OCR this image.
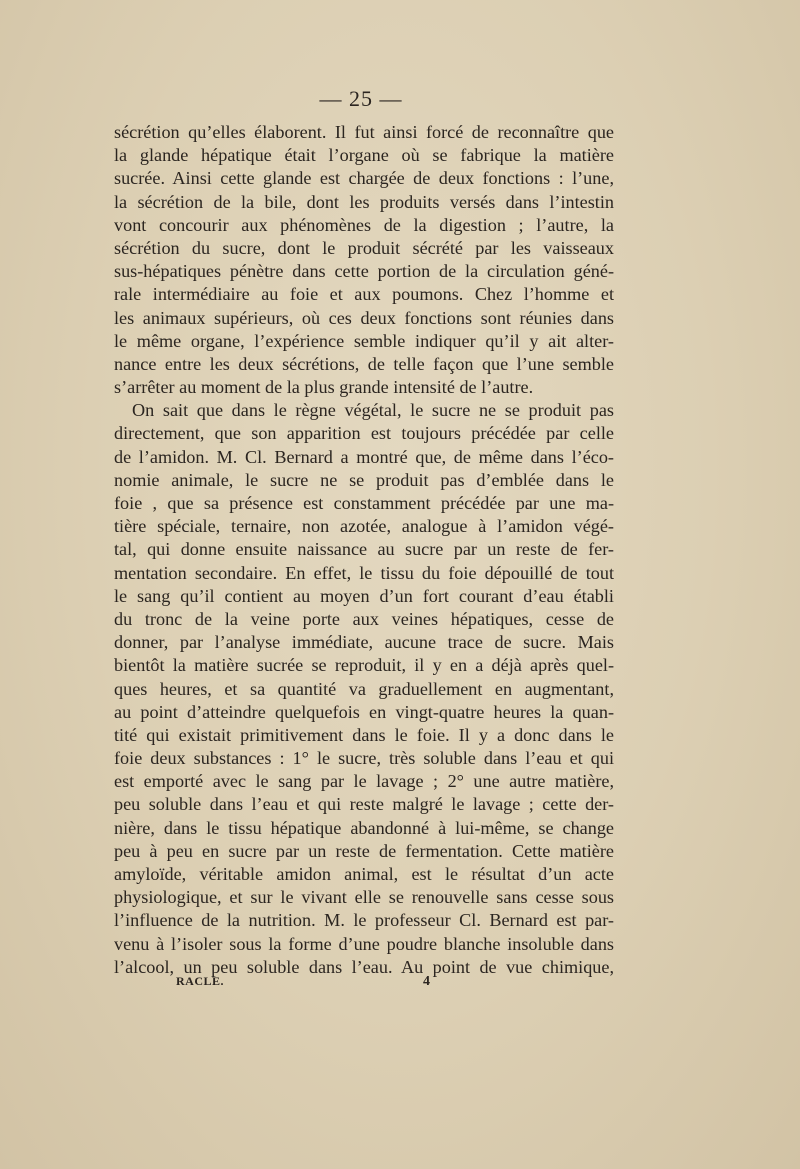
— 25 —
sécrétion qu’elles élaborent. Il fut ainsi forcé de reconnaître que
la glande hépatique était l’organe où se fabrique la matière
sucrée. Ainsi cette glande est chargée de deux fonctions : l’une,
la sécrétion de la bile, dont les produits versés dans l’intestin
vont concourir aux phénomènes de la digestion ; l’autre, la
sécrétion du sucre, dont le produit sécrété par les vaisseaux
sus-hépatiques pénètre dans cette portion de la circulation géné-
rale intermédiaire au foie et aux poumons. Chez l’homme et
les animaux supérieurs, où ces deux fonctions sont réunies dans
le même organe, l’expérience semble indiquer qu’il y ait alter-
nance entre les deux sécrétions, de telle façon que l’une semble
s’arrêter au moment de la plus grande intensité de l’autre.
On sait que dans le règne végétal, le sucre ne se produit pas
directement, que son apparition est toujours précédée par celle
de l’amidon. M. Cl. Bernard a montré que, de même dans l’éco-
nomie animale, le sucre ne se produit pas d’emblée dans le
foie , que sa présence est constamment précédée par une ma-
tière spéciale, ternaire, non azotée, analogue à l’amidon végé-
tal, qui donne ensuite naissance au sucre par un reste de fer-
mentation secondaire. En effet, le tissu du foie dépouillé de tout
le sang qu’il contient au moyen d’un fort courant d’eau établi
du tronc de la veine porte aux veines hépatiques, cesse de
donner, par l’analyse immédiate, aucune trace de sucre. Mais
bientôt la matière sucrée se reproduit, il y en a déjà après quel-
ques heures, et sa quantité va graduellement en augmentant,
au point d’atteindre quelquefois en vingt-quatre heures la quan-
tité qui existait primitivement dans le foie. Il y a donc dans le
foie deux substances : 1° le sucre, très soluble dans l’eau et qui
est emporté avec le sang par le lavage ; 2° une autre matière,
peu soluble dans l’eau et qui reste malgré le lavage ; cette der-
nière, dans le tissu hépatique abandonné à lui-même, se change
peu à peu en sucre par un reste de fermentation. Cette matière
amyloïde, véritable amidon animal, est le résultat d’un acte
physiologique, et sur le vivant elle se renouvelle sans cesse sous
l’influence de la nutrition. M. le professeur Cl. Bernard est par-
venu à l’isoler sous la forme d’une poudre blanche insoluble dans
l’alcool, un peu soluble dans l’eau. Au point de vue chimique,
RACLE.	4
